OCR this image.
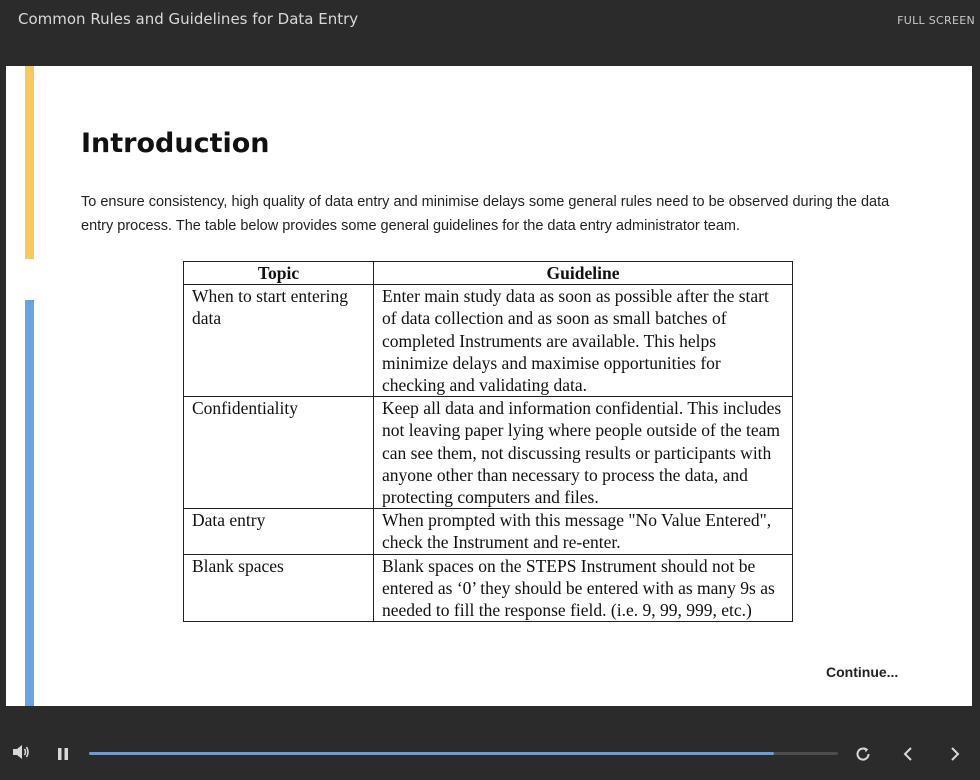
Common Rules and Guidelines for Data Entry	FULL SCREEN
Introduction
To ensure consistency, high quality of data entry and minimise delays some general rules need to be observed during the data entry process. The table below provides some general guidelines for the data entry administrator team.
Topic	Guideline
When to start entering data	Enter main study data as soon as possible after the start of data collection and as soon as small batches of completed Instruments are available. This helps minimize delays and maximise opportunities for checking and validating data.
Confidentiality	Keep all data and information confidential. This includes not leaving paper lying where people outside of the team can see them, not discussing results or participants with anyone other than necessary to process the data, and protecting computers and files.
Data entry	When prompted with this message "No Value Entered", check the Instrument and re-enter.
Blank spaces	Blank spaces on the STEPS Instrument should not be entered as ‘0’ they should be entered with as many 9s as needed to fill the response field. (i.e. 9, 99, 999, etc.)
Continue...
